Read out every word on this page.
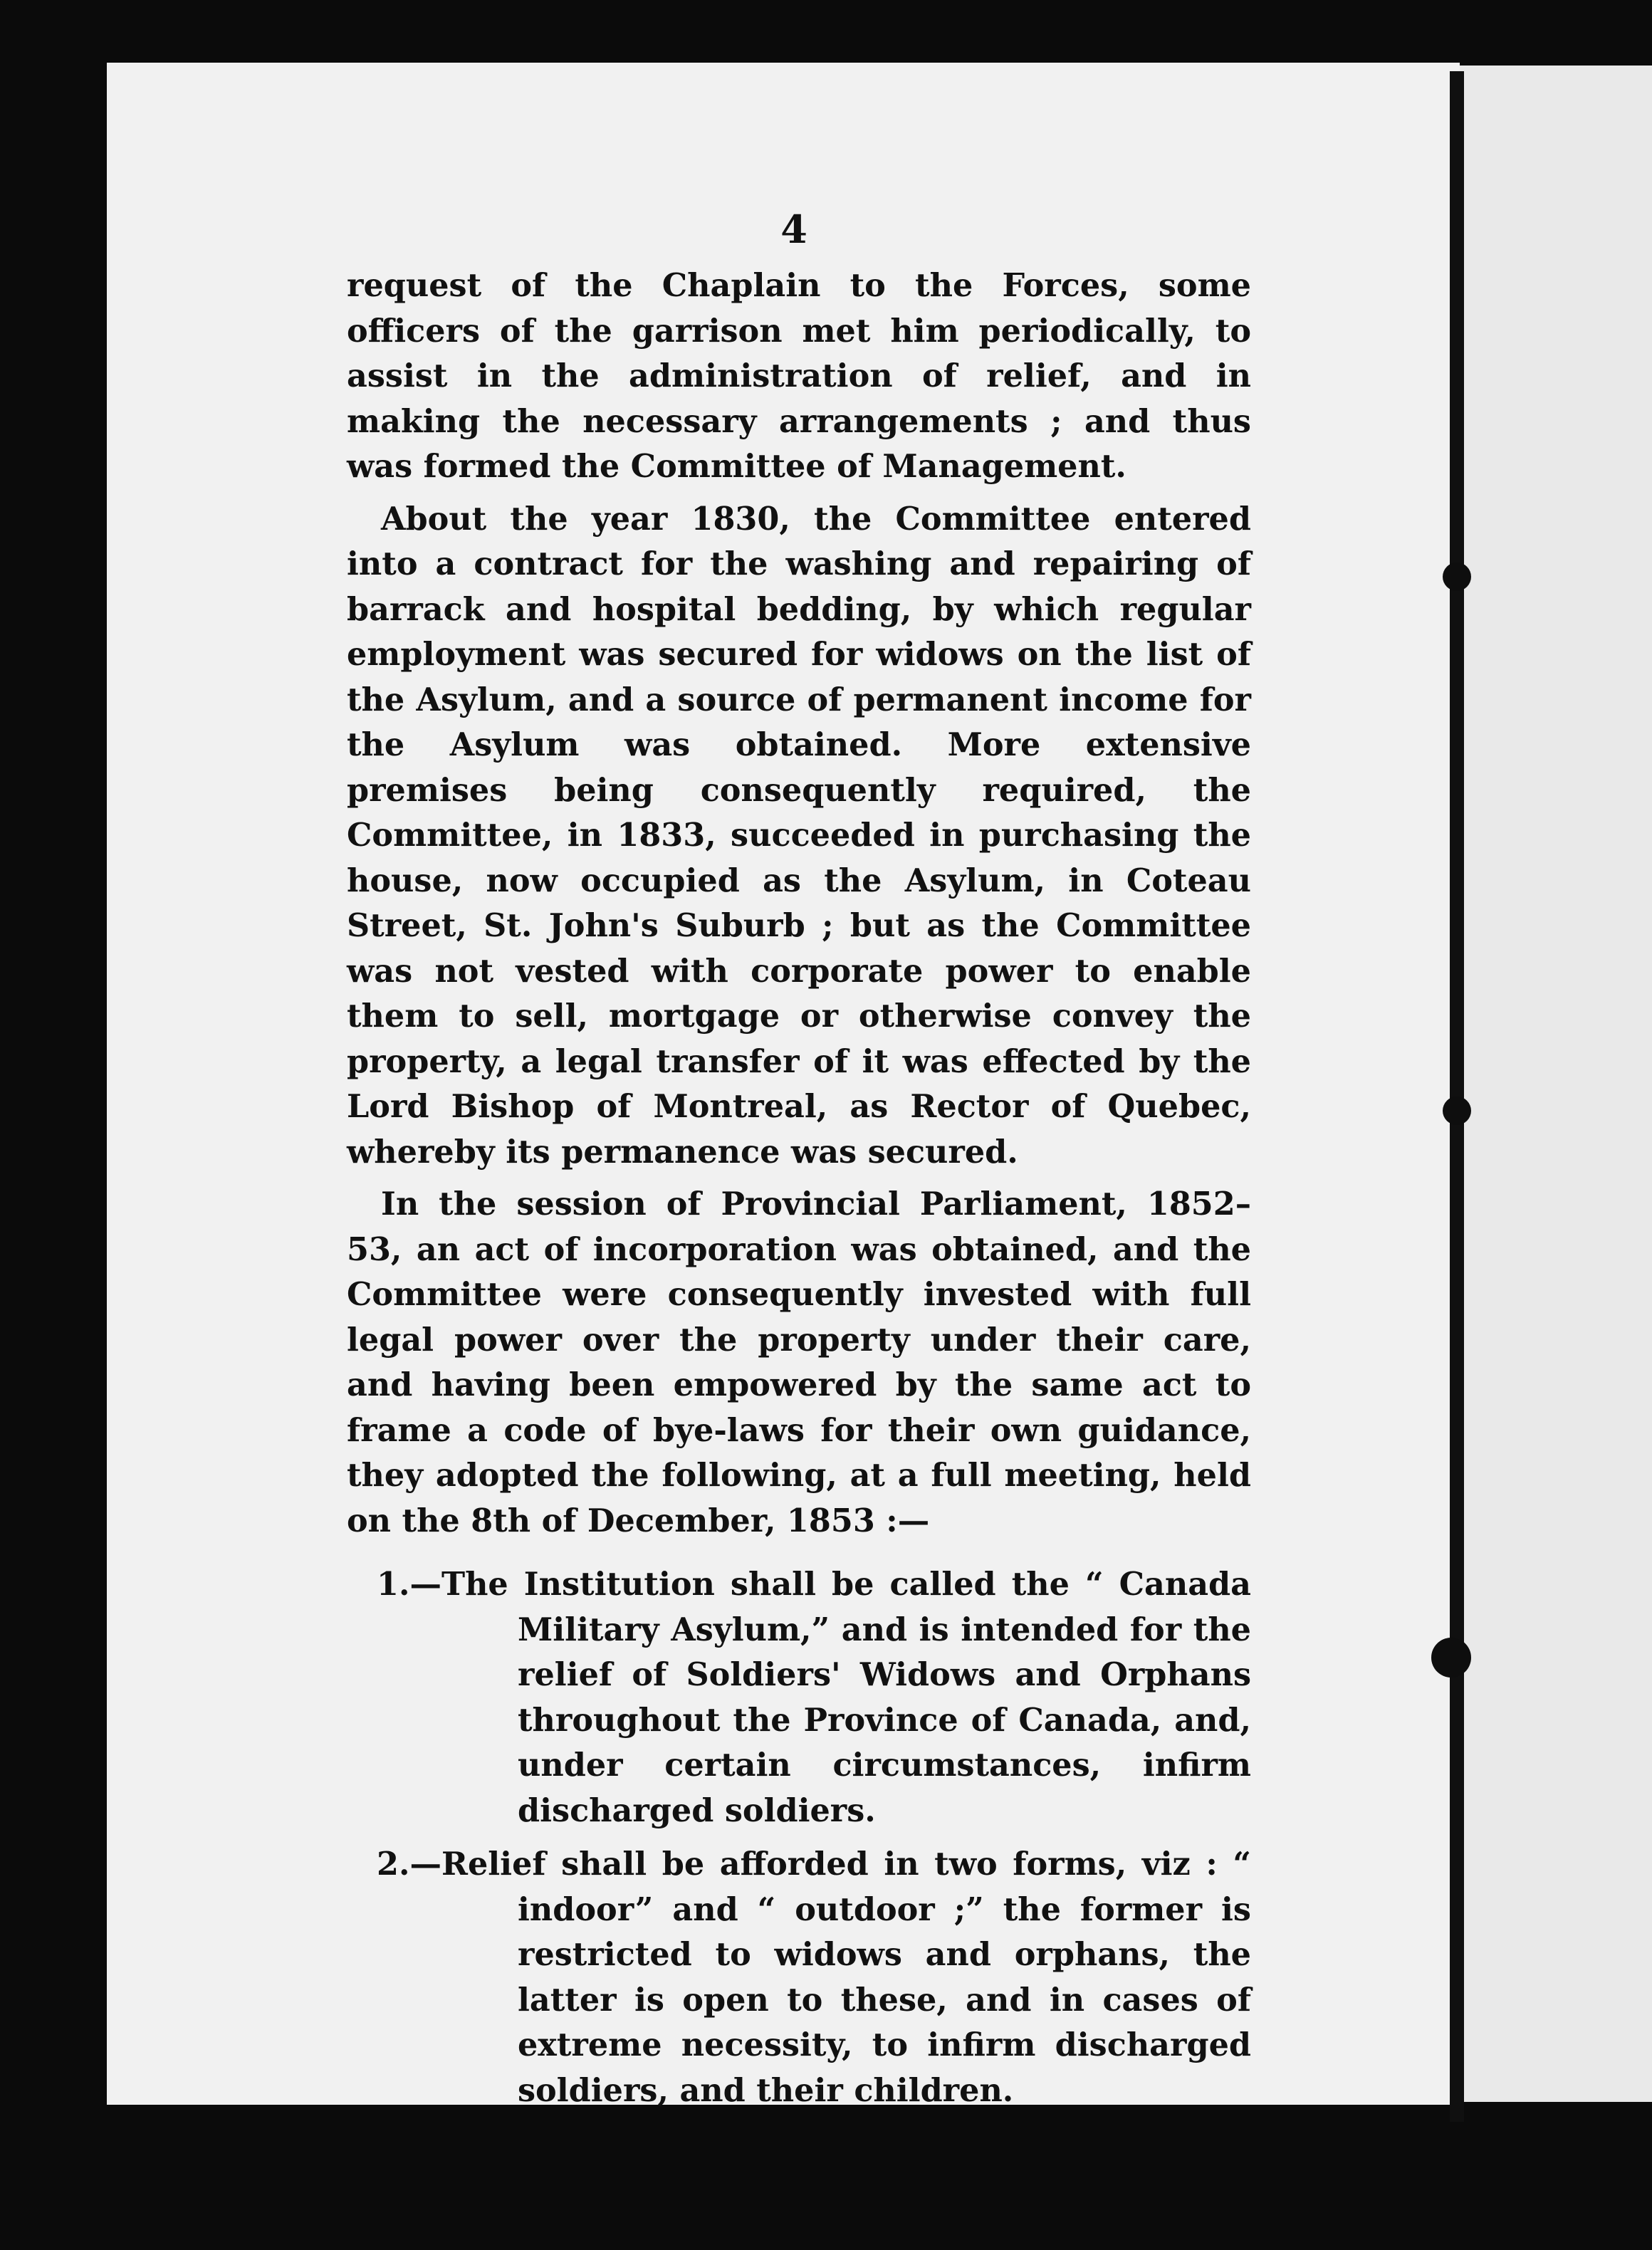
4

request of the Chaplain to the Forces, some officers of the garrison met him periodically, to assist in the administration of relief, and in making the necessary arrangements ; and thus was formed the Committee of Management.

About the year 1830, the Committee entered into a contract for the washing and repairing of barrack and hospital bedding, by which regular employment was secured for widows on the list of the Asylum, and a source of permanent income for the Asylum was obtained. More extensive premises being consequently required, the Committee, in 1833, succeeded in purchasing the house, now occupied as the Asylum, in Coteau Street, St. John's Suburb ; but as the Committee was not vested with corporate power to enable them to sell, mortgage or otherwise convey the property, a legal transfer of it was effected by the Lord Bishop of Montreal, as Rector of Quebec, whereby its permanence was secured.

In the session of Provincial Parliament, 1852–53, an act of incorporation was obtained, and the Committee were consequently invested with full legal power over the property under their care, and having been empowered by the same act to frame a code of bye-laws for their own guidance, they adopted the following, at a full meeting, held on the 8th of December, 1853 :—

1.—The Institution shall be called the “ Canada Military Asylum,” and is intended for the relief of Soldiers' Widows and Orphans throughout the Province of Canada, and, under certain circumstances, infirm discharged soldiers.

2.—Relief shall be afforded in two forms, viz : “ indoor” and “ outdoor ;” the former is restricted to widows and orphans, the latter is open to these, and in cases of extreme necessity, to infirm discharged soldiers, and their children.
